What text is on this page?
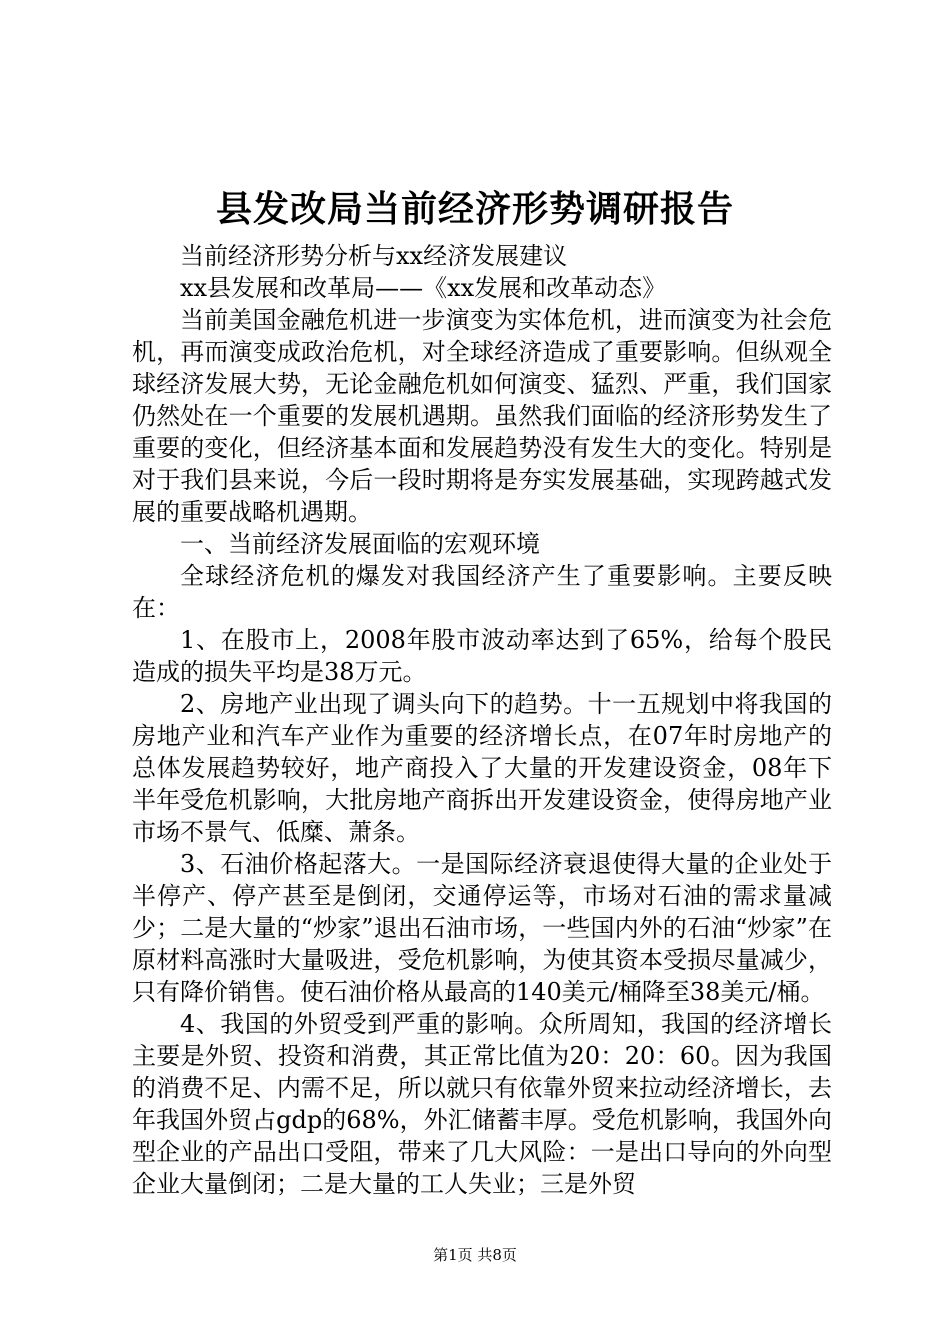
县发改局当前经济形势调研报告

当前经济形势分析与xx经济发展建议

xx县发展和改革局——《xx发展和改革动态》

当前美国金融危机进一步演变为实体危机，进而演变为社会危机，再而演变成政治危机，对全球经济造成了重要影响。但纵观全球经济发展大势，无论金融危机如何演变、猛烈、严重，我们国家仍然处在一个重要的发展机遇期。虽然我们面临的经济形势发生了重要的变化，但经济基本面和发展趋势没有发生大的变化。特别是对于我们县来说，今后一段时期将是夯实发展基础，实现跨越式发展的重要战略机遇期。

一、当前经济发展面临的宏观环境

全球经济危机的爆发对我国经济产生了重要影响。主要反映在：

1、在股市上，2008年股市波动率达到了65%，给每个股民造成的损失平均是38万元。

2、房地产业出现了调头向下的趋势。十一五规划中将我国的房地产业和汽车产业作为重要的经济增长点，在07年时房地产的总体发展趋势较好，地产商投入了大量的开发建设资金，08年下半年受危机影响，大批房地产商拆出开发建设资金，使得房地产业市场不景气、低糜、萧条。

3、石油价格起落大。一是国际经济衰退使得大量的企业处于半停产、停产甚至是倒闭，交通停运等，市场对石油的需求量减少；二是大量的“炒家”退出石油市场，一些国内外的石油“炒家”在原材料高涨时大量吸进，受危机影响，为使其资本受损尽量减少，只有降价销售。使石油价格从最高的140美元/桶降至38美元/桶。

4、我国的外贸受到严重的影响。众所周知，我国的经济增长主要是外贸、投资和消费，其正常比值为20：20：60。因为我国的消费不足、内需不足，所以就只有依靠外贸来拉动经济增长，去年我国外贸占gdp的68%，外汇储蓄丰厚。受危机影响，我国外向型企业的产品出口受阻，带来了几大风险：一是出口导向的外向型企业大量倒闭；二是大量的工人失业；三是外贸

第1页 共8页
